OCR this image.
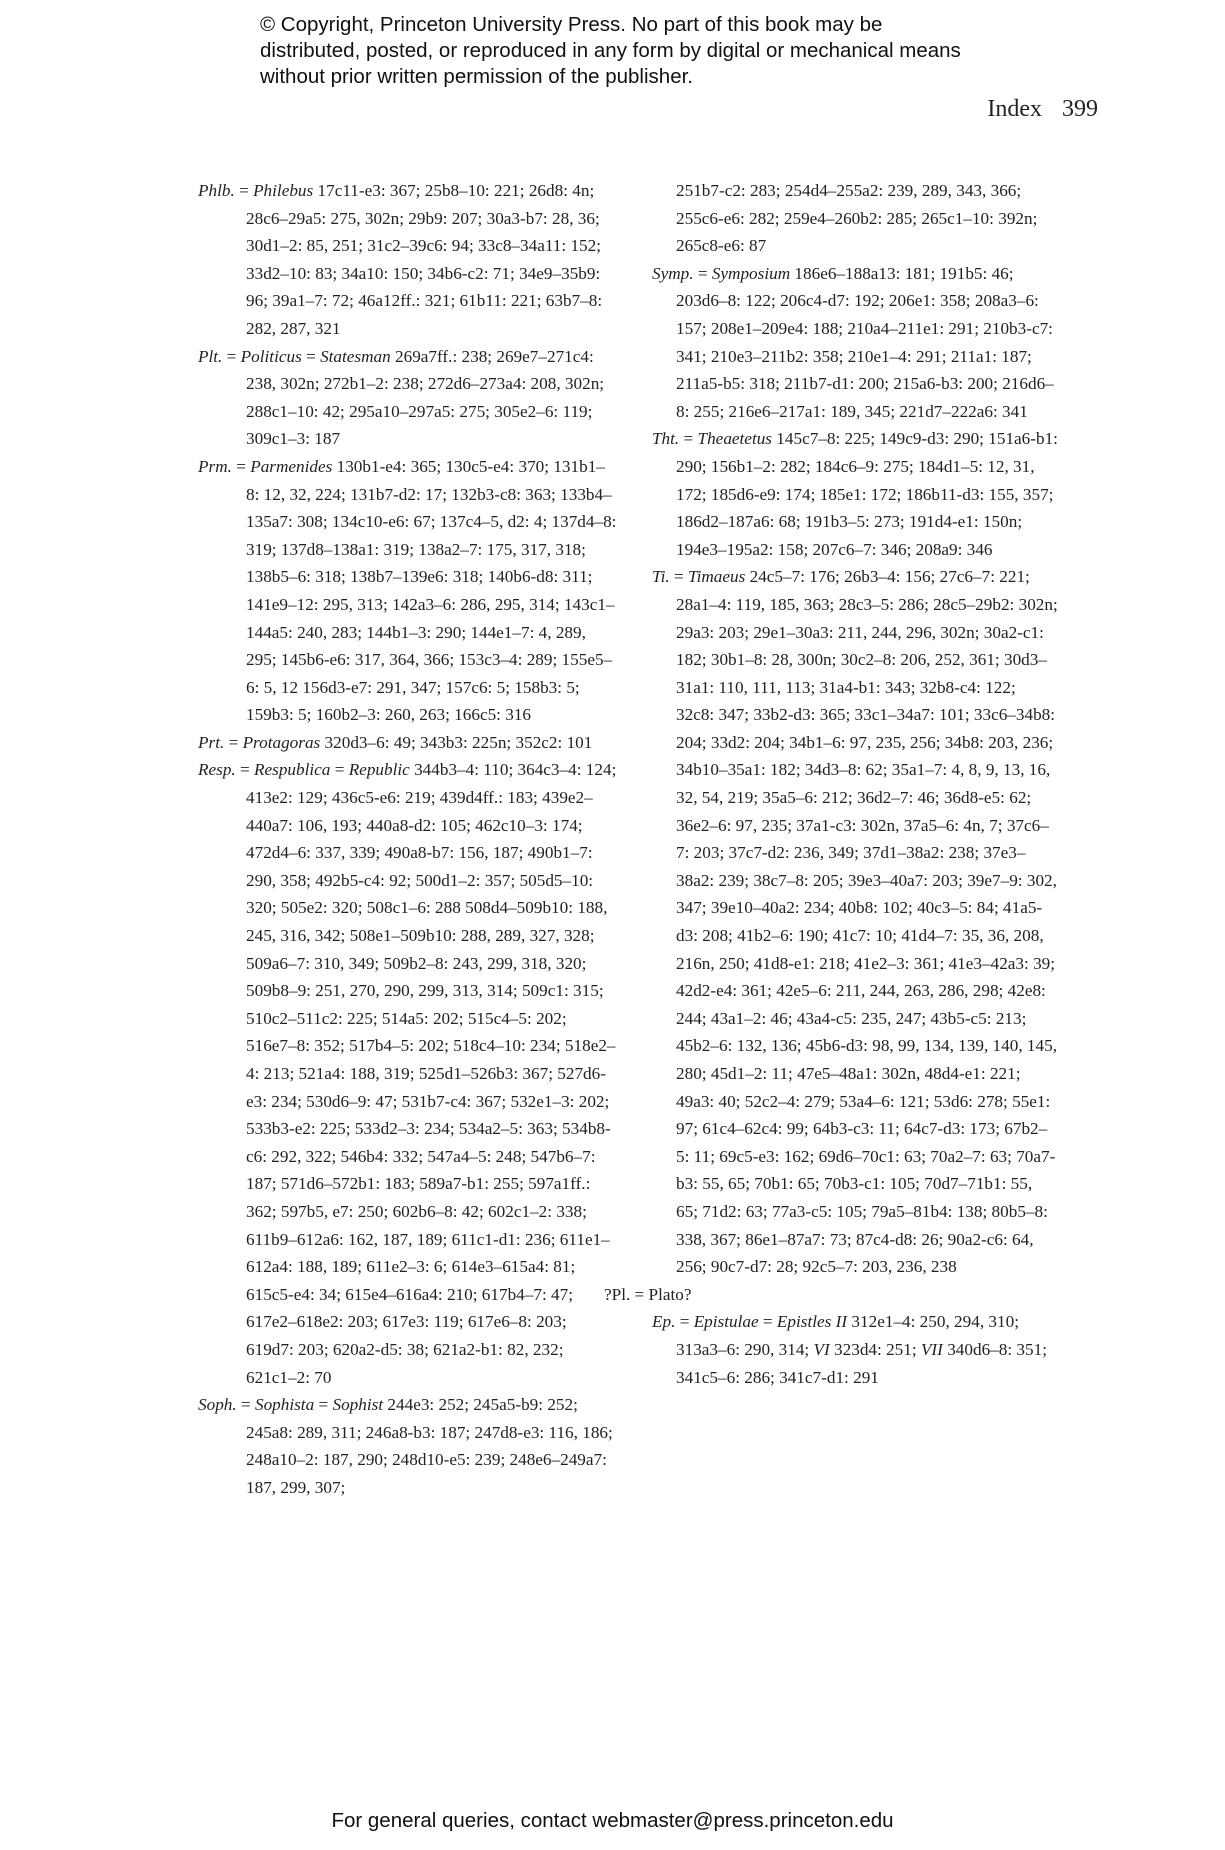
© Copyright, Princeton University Press. No part of this book may be distributed, posted, or reproduced in any form by digital or mechanical means without prior written permission of the publisher.
Index 399
Phlb. = Philebus 17c11-e3: 367; 25b8–10: 221; 26d8: 4n; 28c6–29a5: 275, 302n; 29b9: 207; 30a3-b7: 28, 36; 30d1–2: 85, 251; 31c2–39c6: 94; 33c8–34a11: 152; 33d2–10: 83; 34a10: 150; 34b6-c2: 71; 34e9–35b9: 96; 39a1–7: 72; 46a12ff.: 321; 61b11: 221; 63b7–8: 282, 287, 321
Plt. = Politicus = Statesman 269a7ff.: 238; 269e7–271c4: 238, 302n; 272b1–2: 238; 272d6–273a4: 208, 302n; 288c1–10: 42; 295a10–297a5: 275; 305e2–6: 119; 309c1–3: 187
Prm. = Parmenides 130b1-e4: 365; 130c5-e4: 370; 131b1–8: 12, 32, 224; 131b7-d2: 17; 132b3-c8: 363; 133b4–135a7: 308; 134c10-e6: 67; 137c4–5, d2: 4; 137d4–8: 319; 137d8–138a1: 319; 138a2–7: 175, 317, 318; 138b5–6: 318; 138b7–139e6: 318; 140b6-d8: 311; 141e9–12: 295, 313; 142a3–6: 286, 295, 314; 143c1–144a5: 240, 283; 144b1–3: 290; 144e1–7: 4, 289, 295; 145b6-e6: 317, 364, 366; 153c3–4: 289; 155e5–6: 5, 12 156d3-e7: 291, 347; 157c6: 5; 158b3: 5; 159b3: 5; 160b2–3: 260, 263; 166c5: 316
Prt. = Protagoras 320d3–6: 49; 343b3: 225n; 352c2: 101
Resp. = Respublica = Republic 344b3–4: 110; 364c3–4: 124; 413e2: 129; 436c5-e6: 219; 439d4ff.: 183; 439e2–440a7: 106, 193; 440a8-d2: 105; 462c10–3: 174; 472d4–6: 337, 339; 490a8-b7: 156, 187; 490b1–7: 290, 358; 492b5-c4: 92; 500d1–2: 357; 505d5–10: 320; 505e2: 320; 508c1–6: 288 508d4–509b10: 188, 245, 316, 342; 508e1–509b10: 288, 289, 327, 328; 509a6–7: 310, 349; 509b2–8: 243, 299, 318, 320; 509b8–9: 251, 270, 290, 299, 313, 314; 509c1: 315; 510c2–511c2: 225; 514a5: 202; 515c4–5: 202; 516e7–8: 352; 517b4–5: 202; 518c4–10: 234; 518e2–4: 213; 521a4: 188, 319; 525d1–526b3: 367; 527d6-e3: 234; 530d6–9: 47; 531b7-c4: 367; 532e1–3: 202; 533b3-e2: 225; 533d2–3: 234; 534a2–5: 363; 534b8-c6: 292, 322; 546b4: 332; 547a4–5: 248; 547b6–7: 187; 571d6–572b1: 183; 589a7-b1: 255; 597a1ff.: 362; 597b5, e7: 250; 602b6–8: 42; 602c1–2: 338; 611b9–612a6: 162, 187, 189; 611c1-d1: 236; 611e1–612a4: 188, 189; 611e2–3: 6; 614e3–615a4: 81; 615c5-e4: 34; 615e4–616a4: 210; 617b4–7: 47; 617e2–618e2: 203; 617e3: 119; 617e6–8: 203; 619d7: 203; 620a2-d5: 38; 621a2-b1: 82, 232; 621c1–2: 70
Soph. = Sophista = Sophist 244e3: 252; 245a5-b9: 252; 245a8: 289, 311; 246a8-b3: 187; 247d8-e3: 116, 186; 248a10–2: 187, 290; 248d10-e5: 239; 248e6–249a7: 187, 299, 307;
251b7-c2: 283; 254d4–255a2: 239, 289, 343, 366; 255c6-e6: 282; 259e4–260b2: 285; 265c1–10: 392n; 265c8-e6: 87
Symp. = Symposium 186e6–188a13: 181; 191b5: 46; 203d6–8: 122; 206c4-d7: 192; 206e1: 358; 208a3–6: 157; 208e1–209e4: 188; 210a4–211e1: 291; 210b3-c7: 341; 210e3–211b2: 358; 210e1–4: 291; 211a1: 187; 211a5-b5: 318; 211b7-d1: 200; 215a6-b3: 200; 216d6–8: 255; 216e6–217a1: 189, 345; 221d7–222a6: 341
Tht. = Theaetetus 145c7–8: 225; 149c9-d3: 290; 151a6-b1: 290; 156b1–2: 282; 184c6–9: 275; 184d1–5: 12, 31, 172; 185d6-e9: 174; 185e1: 172; 186b11-d3: 155, 357; 186d2–187a6: 68; 191b3–5: 273; 191d4-e1: 150n; 194e3–195a2: 158; 207c6–7: 346; 208a9: 346
Ti. = Timaeus 24c5–7: 176; 26b3–4: 156; 27c6–7: 221; 28a1–4: 119, 185, 363; 28c3–5: 286; 28c5–29b2: 302n; 29a3: 203; 29e1–30a3: 211, 244, 296, 302n; 30a2-c1: 182; 30b1–8: 28, 300n; 30c2–8: 206, 252, 361; 30d3–31a1: 110, 111, 113; 31a4-b1: 343; 32b8-c4: 122; 32c8: 347; 33b2-d3: 365; 33c1–34a7: 101; 33c6–34b8: 204; 33d2: 204; 34b1–6: 97, 235, 256; 34b8: 203, 236; 34b10–35a1: 182; 34d3–8: 62; 35a1–7: 4, 8, 9, 13, 16, 32, 54, 219; 35a5–6: 212; 36d2–7: 46; 36d8-e5: 62; 36e2–6: 97, 235; 37a1-c3: 302n, 37a5–6: 4n, 7; 37c6–7: 203; 37c7-d2: 236, 349; 37d1–38a2: 238; 37e3–38a2: 239; 38c7–8: 205; 39e3–40a7: 203; 39e7–9: 302, 347; 39e10–40a2: 234; 40b8: 102; 40c3–5: 84; 41a5-d3: 208; 41b2–6: 190; 41c7: 10; 41d4–7: 35, 36, 208, 216n, 250; 41d8-e1: 218; 41e2–3: 361; 41e3–42a3: 39; 42d2-e4: 361; 42e5–6: 211, 244, 263, 286, 298; 42e8: 244; 43a1–2: 46; 43a4-c5: 235, 247; 43b5-c5: 213; 45b2–6: 132, 136; 45b6-d3: 98, 99, 134, 139, 140, 145, 280; 45d1–2: 11; 47e5–48a1: 302n, 48d4-e1: 221; 49a3: 40; 52c2–4: 279; 53a4–6: 121; 53d6: 278; 55e1: 97; 61c4–62c4: 99; 64b3-c3: 11; 64c7-d3: 173; 67b2–5: 11; 69c5-e3: 162; 69d6–70c1: 63; 70a2–7: 63; 70a7-b3: 55, 65; 70b1: 65; 70b3-c1: 105; 70d7–71b1: 55, 65; 71d2: 63; 77a3-c5: 105; 79a5–81b4: 138; 80b5–8: 338, 367; 86e1–87a7: 73; 87c4-d8: 26; 90a2-c6: 64, 256; 90c7-d7: 28; 92c5–7: 203, 236, 238
?Pl. = Plato?
Ep. = Epistulae = Epistles II 312e1–4: 250, 294, 310; 313a3–6: 290, 314; VI 323d4: 251; VII 340d6–8: 351; 341c5–6: 286; 341c7-d1: 291
For general queries, contact webmaster@press.princeton.edu
